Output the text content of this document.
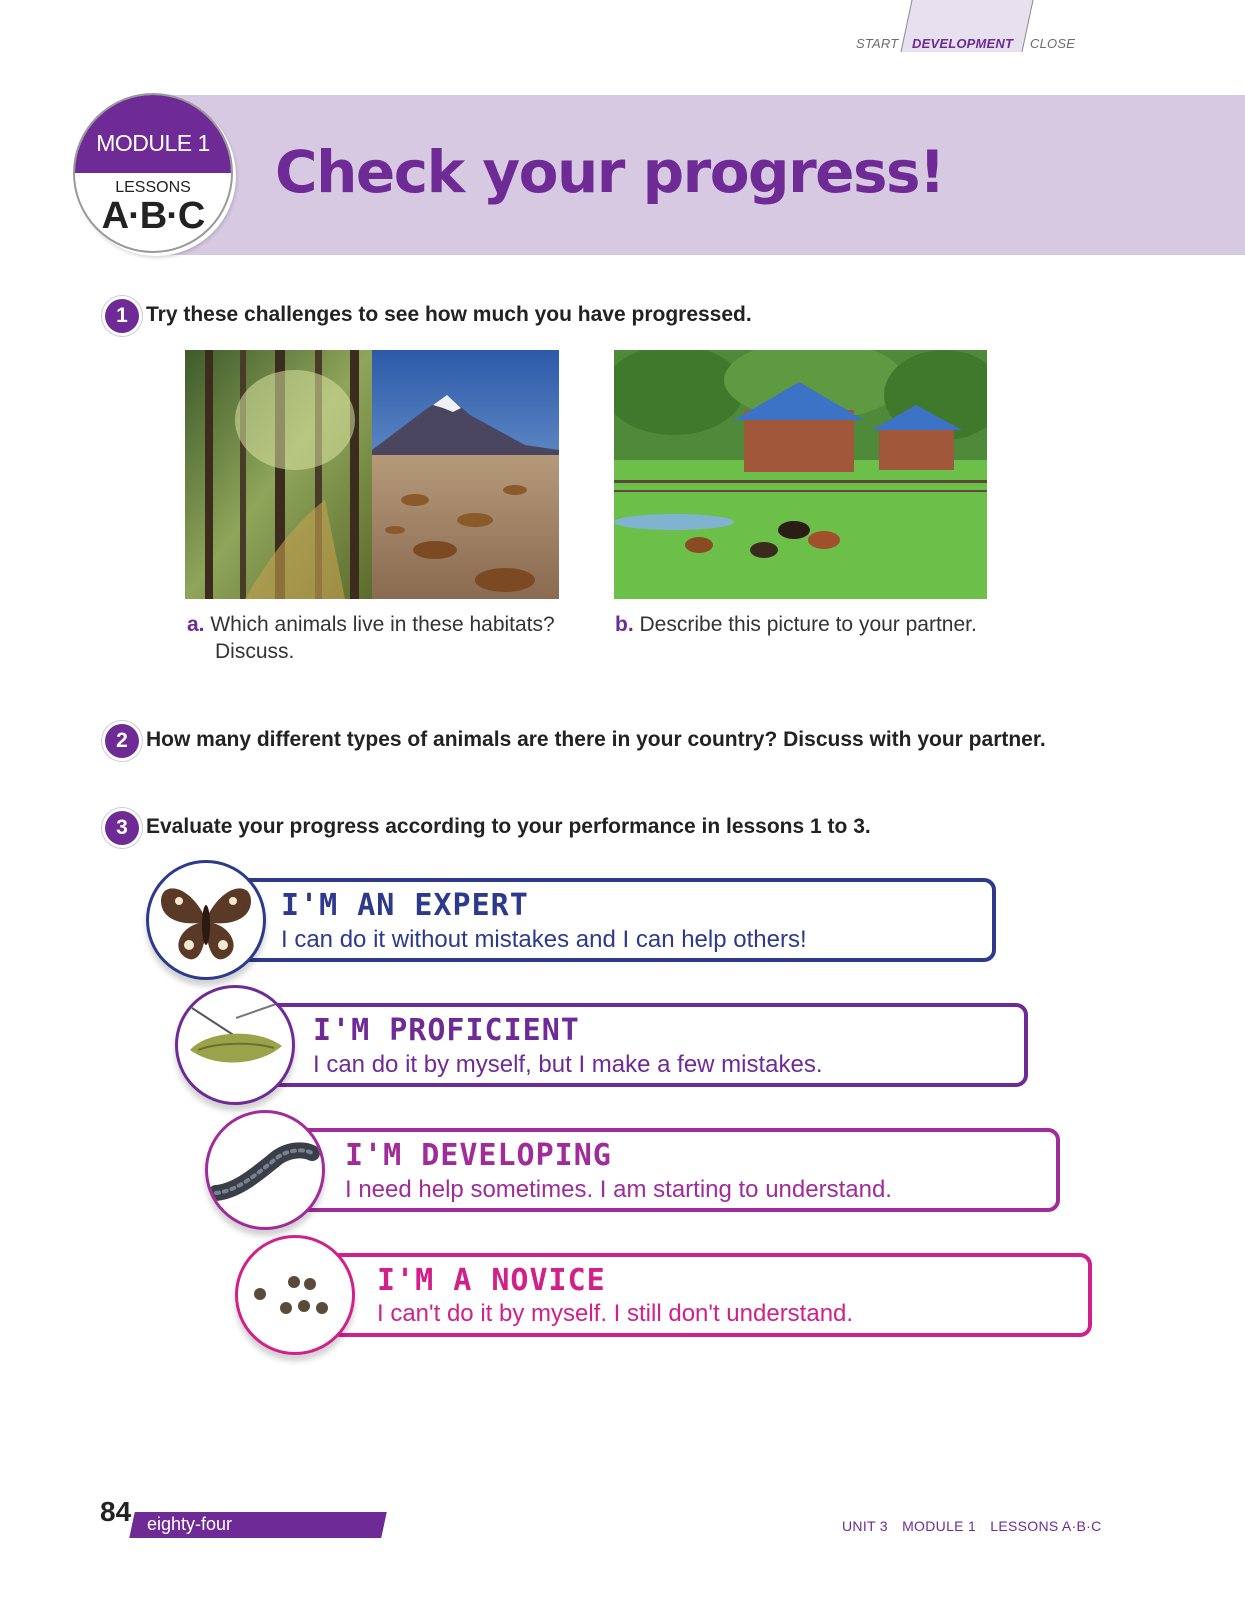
START DEVELOPMENT CLOSE
MODULE 1
LESSONS
A·B·C
Check your progress!
1 Try these challenges to see how much you have progressed.
a. Which animals live in these habitats?
Discuss.
b. Describe this picture to your partner.
2 How many different types of animals are there in your country? Discuss with your partner.
3 Evaluate your progress according to your performance in lessons 1 to 3.
I'M AN EXPERT
I can do it without mistakes and I can help others!
I'M PROFICIENT
I can do it by myself, but I make a few mistakes.
I'M DEVELOPING
I need help sometimes. I am starting to understand.
I'M A NOVICE
I can't do it by myself. I still don't understand.
84 eighty-four	UNIT 3 MODULE 1 LESSONS A·B·C
